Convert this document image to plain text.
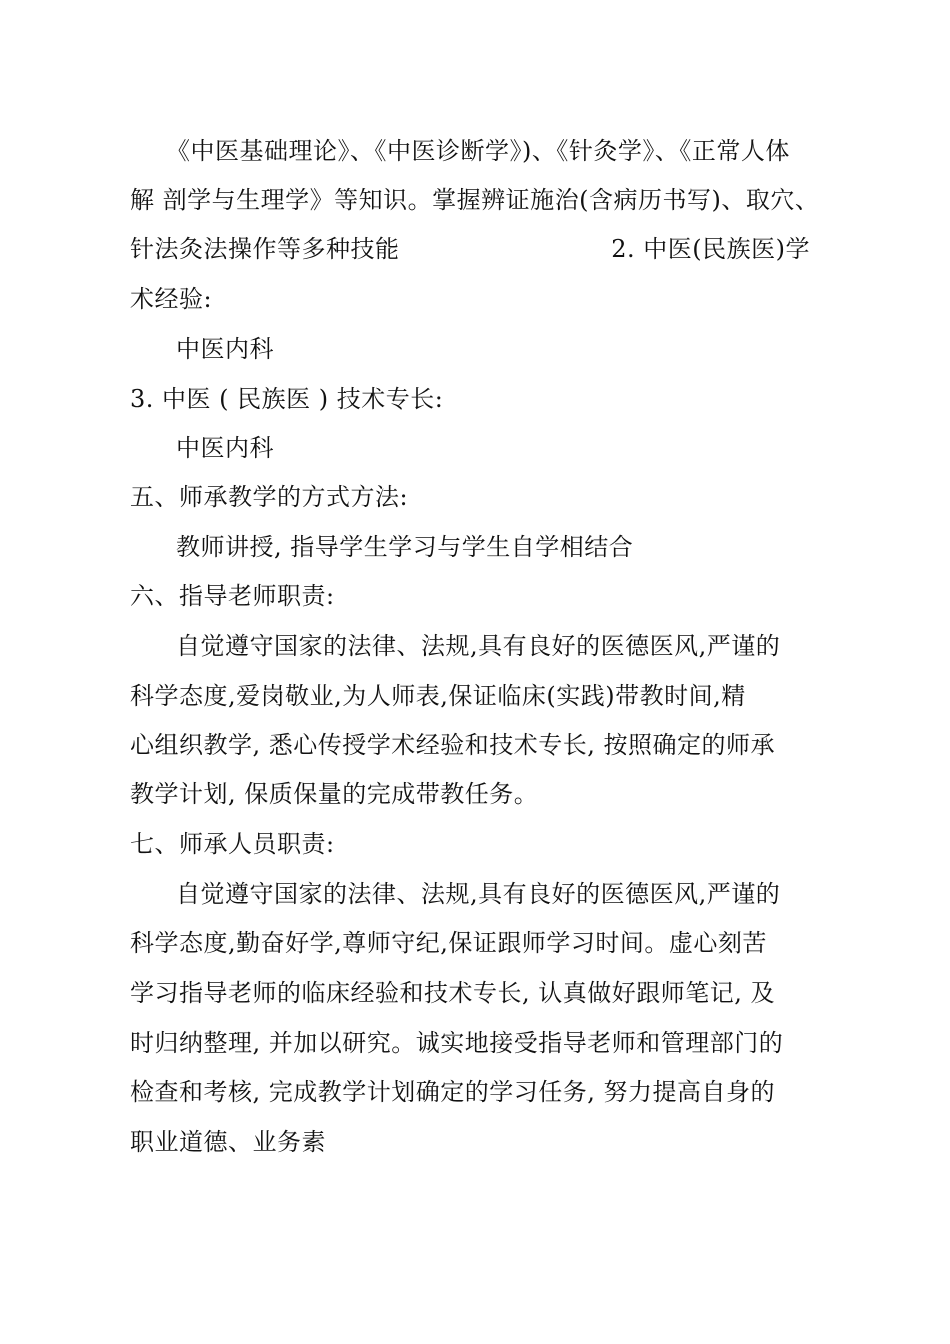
《中医基础理论》、《中医诊断学》)、《针灸学》、《正常人体
解 剖学与生理学》等知识。掌握辨证施治(含病历书写)、取穴、
针法灸法操作等多种技能	2. 中医(民族医)学
术经验:
中医内科
3. 中医 ( 民族医 ) 技术专长:
中医内科
五、师承教学的方式方法:
教师讲授, 指导学生学习与学生自学相结合
六、指导老师职责:
自觉遵守国家的法律、法规,具有良好的医德医风,严谨的
科学态度,爱岗敬业,为人师表,保证临床(实践)带教时间,精
心组织教学, 悉心传授学术经验和技术专长, 按照确定的师承
教学计划, 保质保量的完成带教任务。
七、师承人员职责:
自觉遵守国家的法律、法规,具有良好的医德医风,严谨的
科学态度,勤奋好学,尊师守纪,保证跟师学习时间。虚心刻苦
学习指导老师的临床经验和技术专长, 认真做好跟师笔记, 及
时归纳整理, 并加以研究。诚实地接受指导老师和管理部门的
检查和考核, 完成教学计划确定的学习任务, 努力提高自身的
职业道德、业务素
